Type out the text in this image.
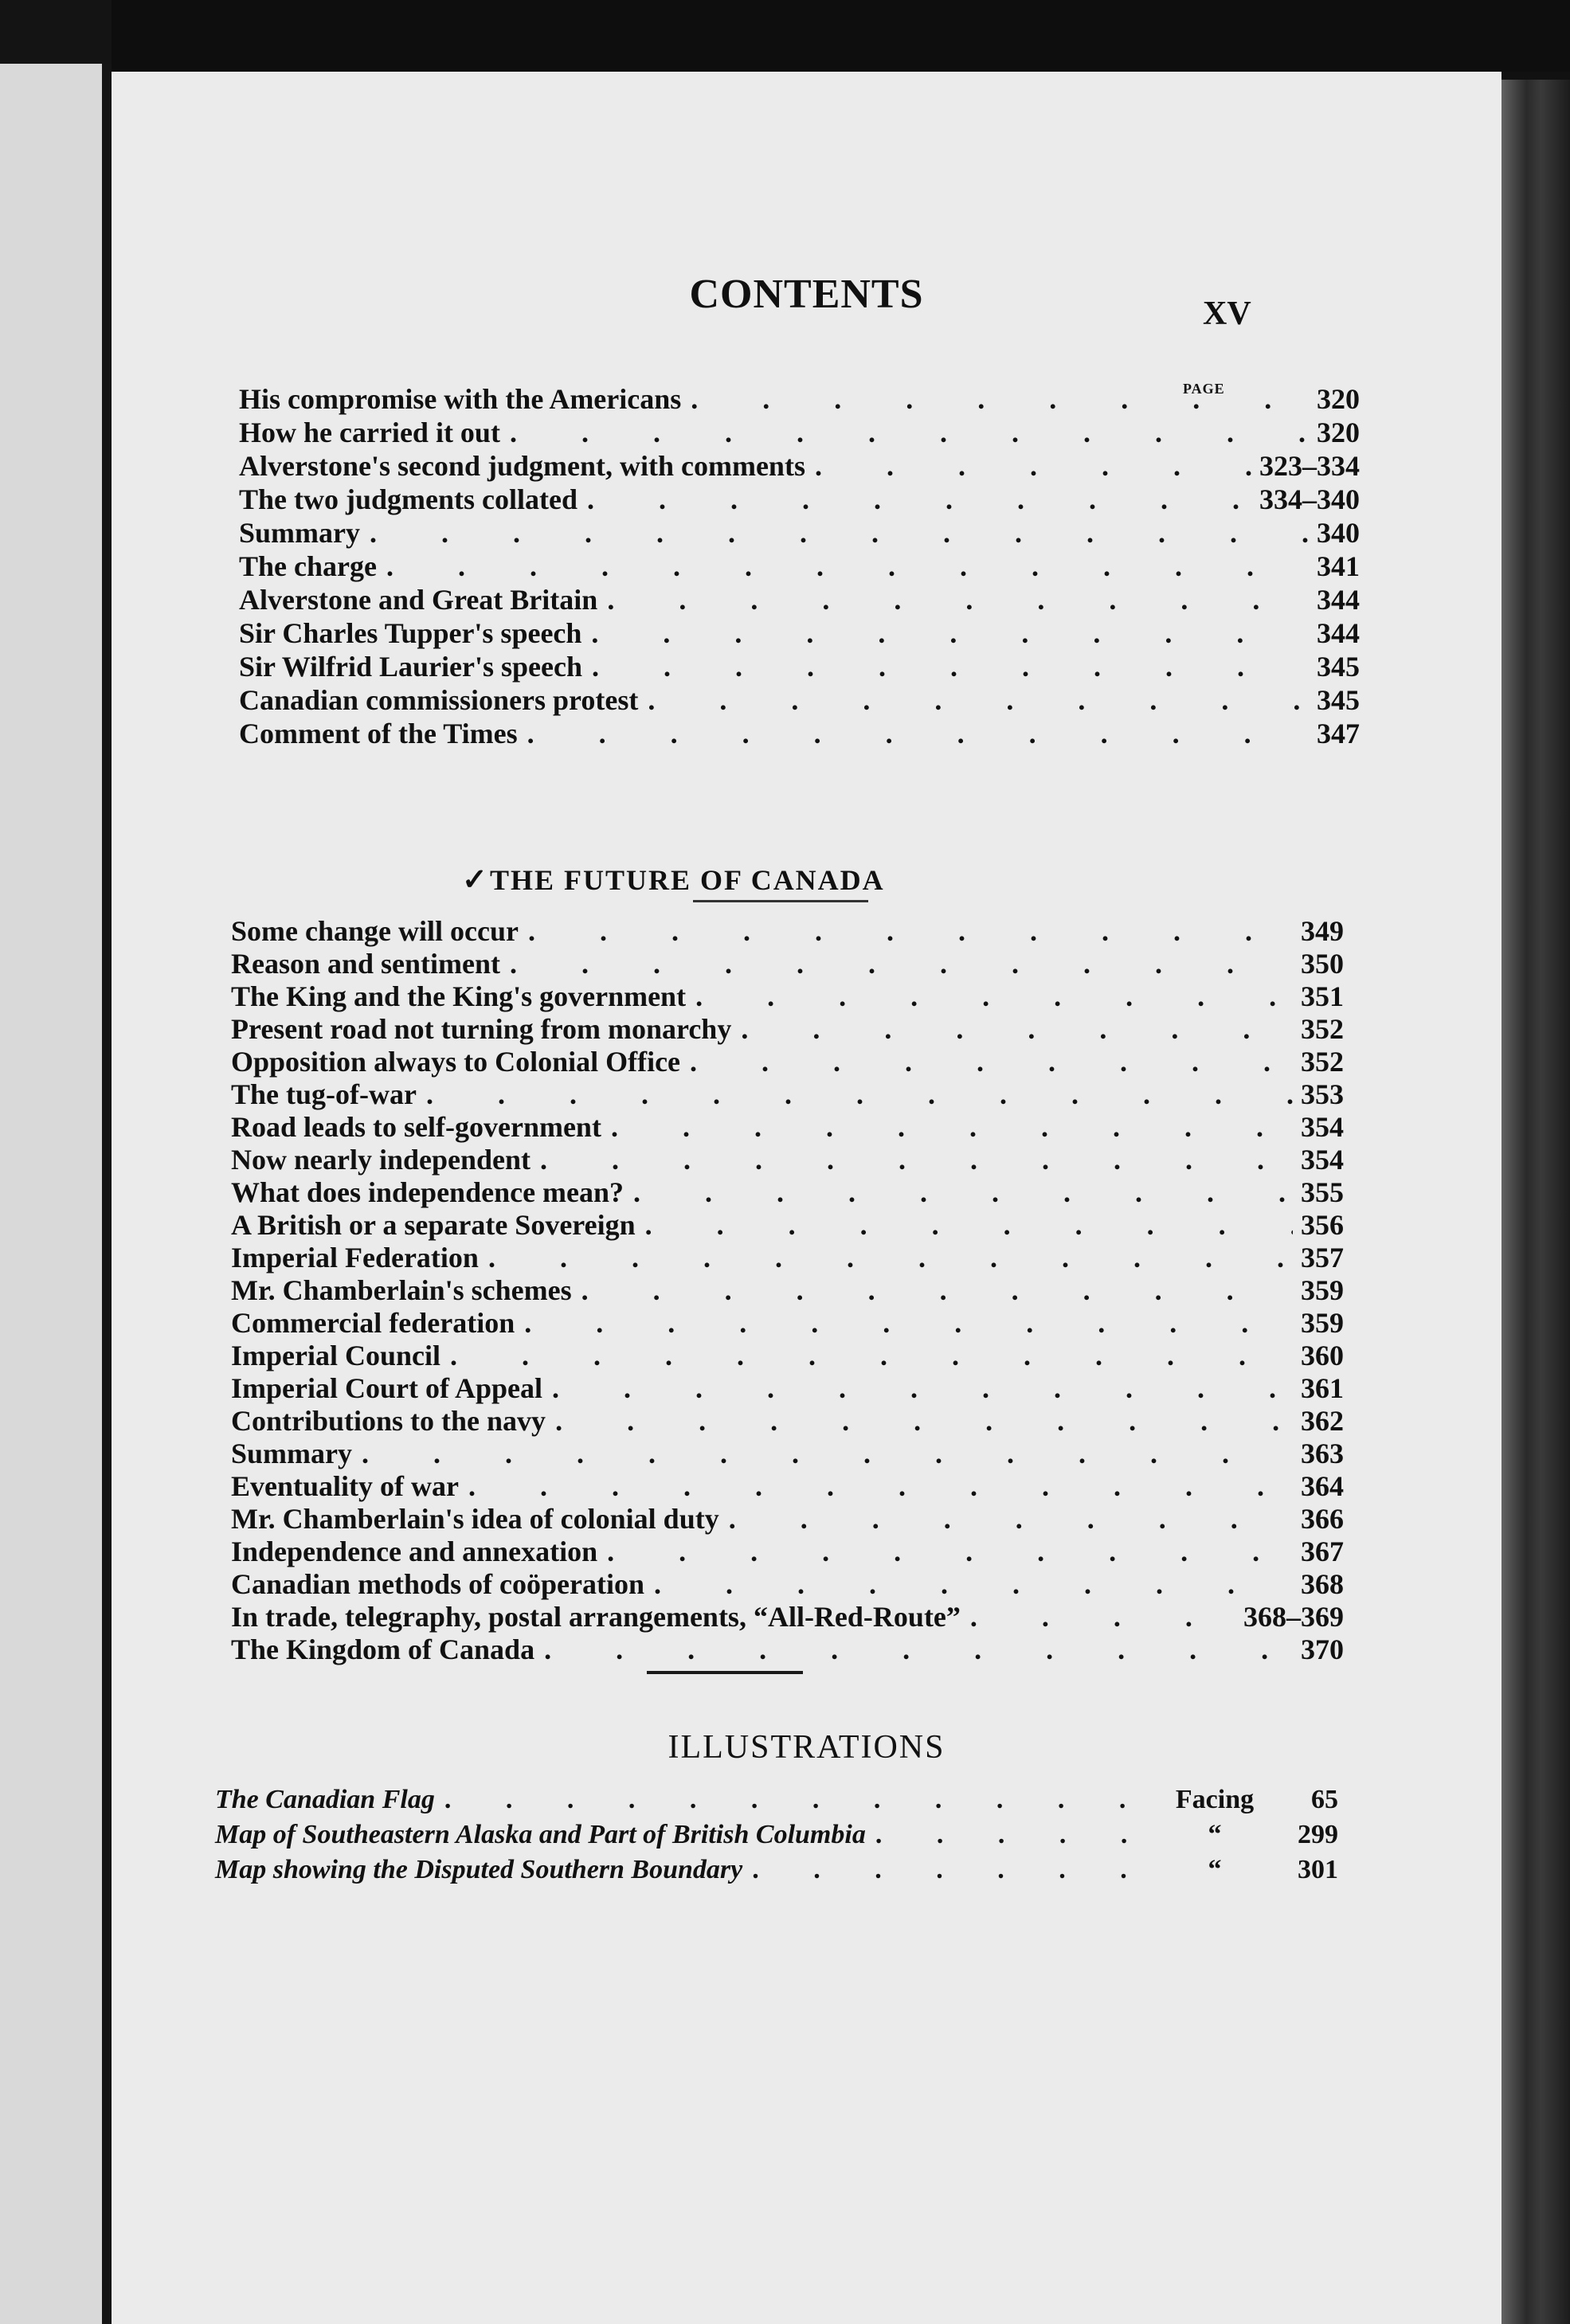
CONTENTS	XV
PAGE
His compromise with the Americans . . .	320
How he carried it out . . .	320
Alverstone's second judgment, with comments . . .	323–334
The two judgments collated . . .	334–340
Summary . . .	340
The charge . . .	341
Alverstone and Great Britain . . .	344
Sir Charles Tupper's speech . . .	344
Sir Wilfrid Laurier's speech . . .	345
Canadian commissioners protest . . .	345
Comment of the Times . . .	347
✓ THE FUTURE OF CANADA
Some change will occur . . .	349
Reason and sentiment . . .	350
The King and the King's government . . .	351
Present road not turning from monarchy . . .	352
Opposition always to Colonial Office . . .	352
The tug-of-war . . .	353
Road leads to self-government . . .	354
Now nearly independent . . .	354
What does independence mean? . . .	355
A British or a separate Sovereign . . .	356
Imperial Federation . . .	357
Mr. Chamberlain's schemes . . .	359
Commercial federation . . .	359
Imperial Council . . .	360
Imperial Court of Appeal . . .	361
Contributions to the navy . . .	362
Summary . . .	363
Eventuality of war . . .	364
Mr. Chamberlain's idea of colonial duty . . .	366
Independence and annexation . . .	367
Canadian methods of coöperation . . .	368
In trade, telegraphy, postal arrangements, “All-Red-Route” . . .	368–369
The Kingdom of Canada . . .	370
ILLUSTRATIONS
The Canadian Flag . . .	Facing	65
Map of Southeastern Alaska and Part of British Columbia . . .	“	299
Map showing the Disputed Southern Boundary . . .	“	301
